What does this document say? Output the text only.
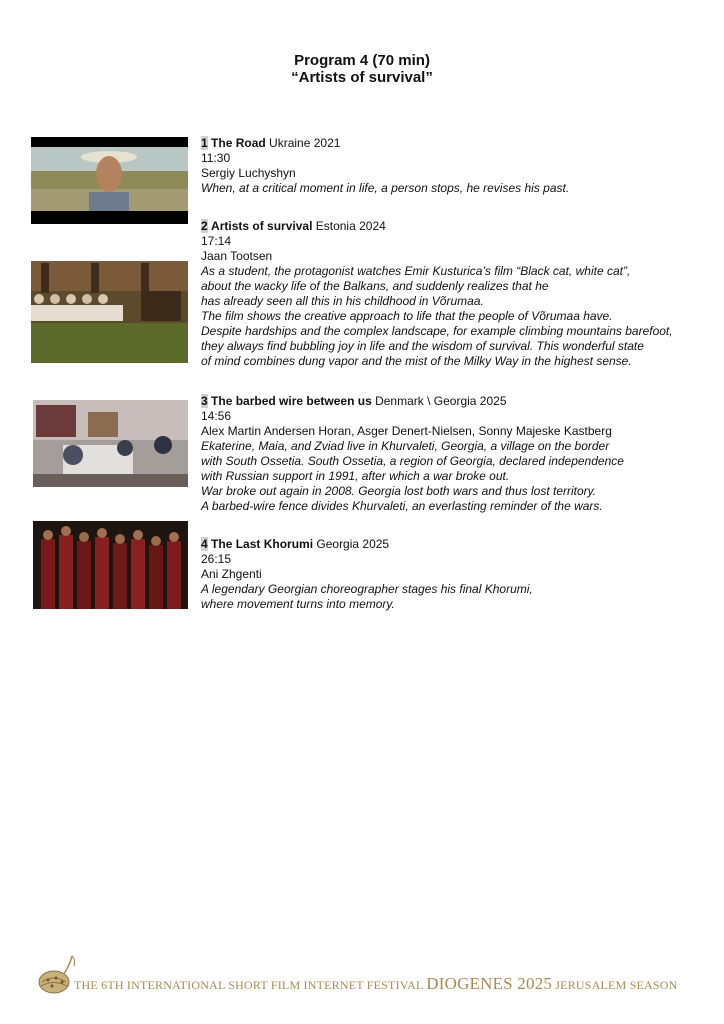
Program 4 (70 min)
“Artists of survival”
1 The Road Ukraine 2021
11:30
Sergiy Luchyshyn
When, at a critical moment in life, a person stops, he revises his past.
2 Artists of survival Estonia 2024
17:14
Jaan Tootsen
As a student, the protagonist watches Emir Kusturica’s film “Black cat, white cat”,
about the wacky life of the Balkans, and suddenly realizes that he
has already seen all this in his childhood in Võrumaa.
The film shows the creative approach to life that the people of Võrumaa have.
Despite hardships and the complex landscape, for example climbing mountains barefoot,
they always find bubbling joy in life and the wisdom of survival. This wonderful state
of mind combines dung vapor and the mist of the Milky Way in the highest sense.
3 The barbed wire between us Denmark \ Georgia 2025
14:56
Alex Martin Andersen Horan, Asger Denert-Nielsen, Sonny Majeske Kastberg
Ekaterine, Maia, and Zviad live in Khurvaleti, Georgia, a village on the border
with South Ossetia. South Ossetia, a region of Georgia, declared independence
with Russian support in 1991, after which a war broke out.
War broke out again in 2008. Georgia lost both wars and thus lost territory.
A barbed-wire fence divides Khurvaleti, an everlasting reminder of the wars.
4 The Last Khorumi Georgia 2025
26:15
Ani Zhgenti
A legendary Georgian choreographer stages his final Khorumi,
where movement turns into memory.
THE 6TH INTERNATIONAL SHORT FILM INTERNET FESTIVAL DIOGENES 2025 JERUSALEM SEASON
